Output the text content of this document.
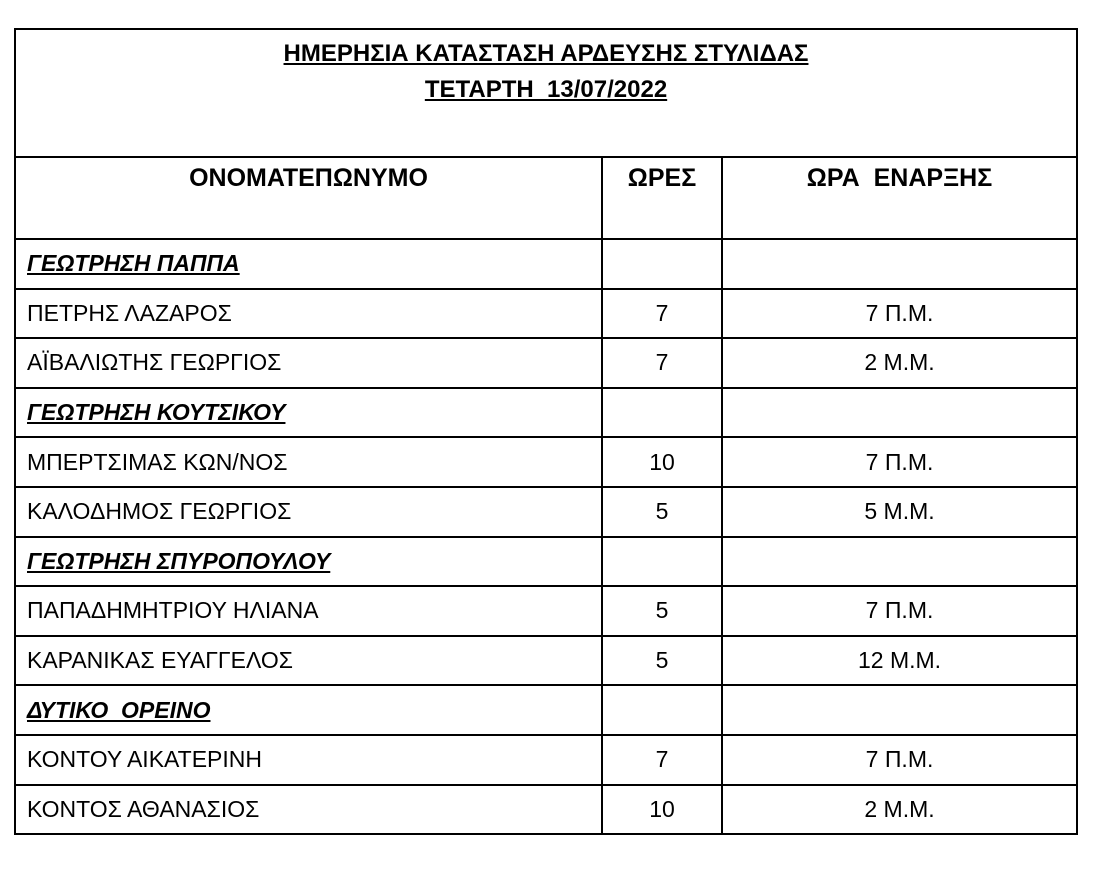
ΗΜΕΡΗΣΙΑ ΚΑΤΑΣΤΑΣΗ ΑΡΔΕΥΣΗΣ ΣΤΥΛΙΔΑΣ
ΤΕΤΑΡΤΗ  13/07/2022		

ΟΝΟΜΑΤΕΠΩΝΥΜΟ	ΩΡΕΣ	ΩΡΑ  ΕΝΑΡΞΗΣ
ΓΕΩΤΡΗΣΗ ΠΑΠΠΑ		
ΠΕΤΡΗΣ ΛΑΖΑΡΟΣ	7	7 Π.Μ.
ΑΪΒΑΛΙΩΤΗΣ ΓΕΩΡΓΙΟΣ	7	2 Μ.Μ.
ΓΕΩΤΡΗΣΗ ΚΟΥΤΣΙΚΟΥ		
ΜΠΕΡΤΣΙΜΑΣ ΚΩΝ/ΝΟΣ	10	7 Π.Μ.
ΚΑΛΟΔΗΜΟΣ ΓΕΩΡΓΙΟΣ	5	5 Μ.Μ.
ΓΕΩΤΡΗΣΗ ΣΠΥΡΟΠΟΥΛΟΥ		
ΠΑΠΑΔΗΜΗΤΡΙΟΥ ΗΛΙΑΝΑ	5	7 Π.Μ.
ΚΑΡΑΝΙΚΑΣ ΕΥΑΓΓΕΛΟΣ	5	12 Μ.Μ.
ΔΥΤΙΚΟ  ΟΡΕΙΝΟ		
ΚΟΝΤΟΥ ΑΙΚΑΤΕΡΙΝΗ	7	7 Π.Μ.
ΚΟΝΤΟΣ ΑΘΑΝΑΣΙΟΣ	10	2 Μ.Μ.
